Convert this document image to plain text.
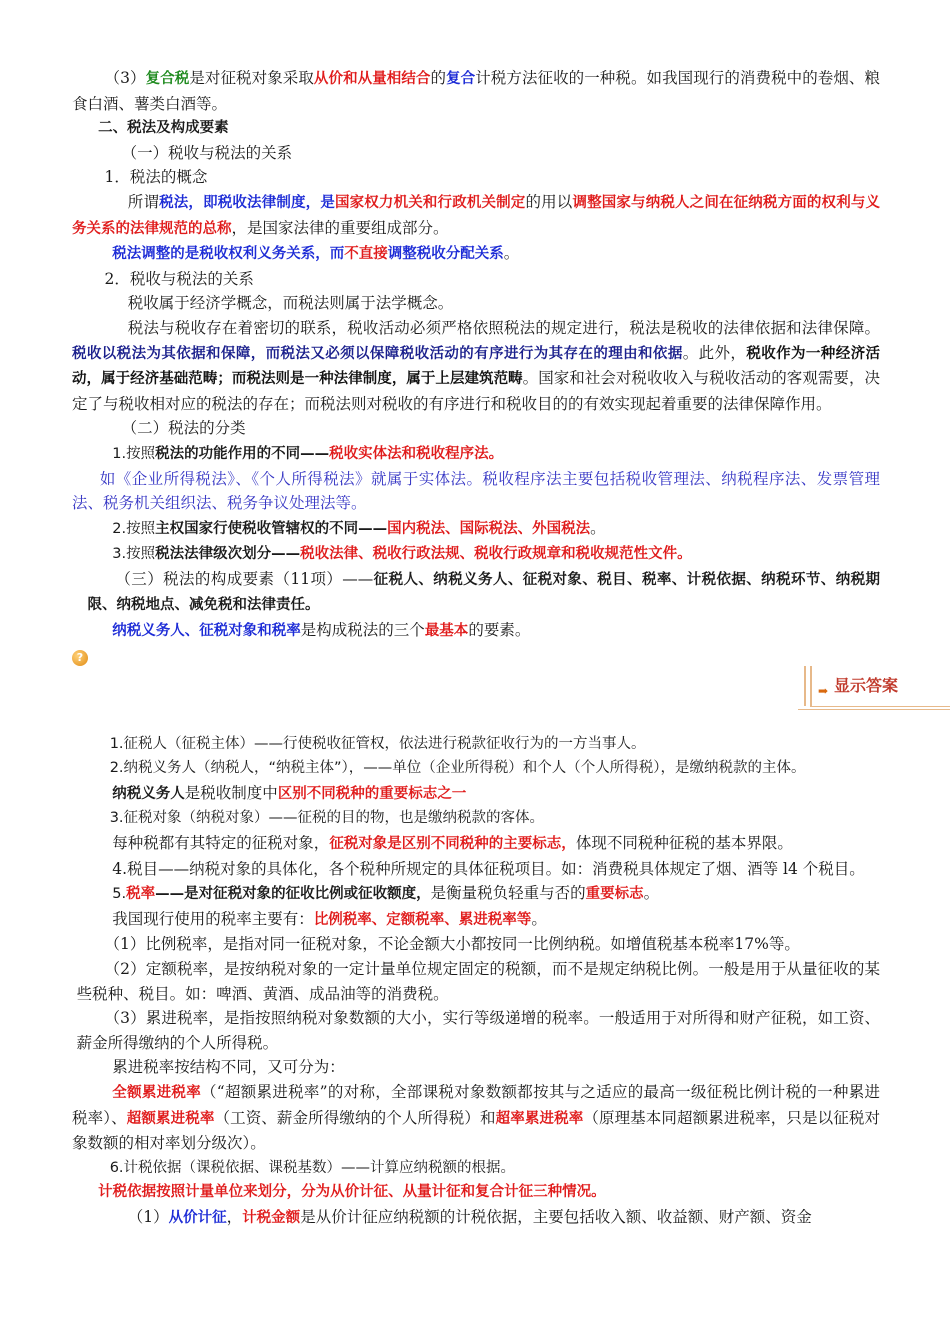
（3）复合税是对征税对象采取从价和从量相结合的复合计税方法征收的一种税。如我国现行的消费税中的卷烟、粮食白酒、薯类白酒等。

二、税法及构成要素

（一）税收与税法的关系

1．税法的概念

所谓税法，即税收法律制度，是国家权力机关和行政机关制定的用以调整国家与纳税人之间在征纳税方面的权利与义务关系的法律规范的总称，是国家法律的重要组成部分。

税法调整的是税收权利义务关系，而不直接调整税收分配关系。

2．税收与税法的关系

税收属于经济学概念，而税法则属于法学概念。

税法与税收存在着密切的联系，税收活动必须严格依照税法的规定进行，税法是税收的法律依据和法律保障。税收以税法为其依据和保障，而税法又必须以保障税收活动的有序进行为其存在的理由和依据。此外，税收作为一种经济活动，属于经济基础范畴；而税法则是一种法律制度，属于上层建筑范畴。国家和社会对税收收入与税收活动的客观需要，决定了与税收相对应的税法的存在；而税法则对税收的有序进行和税收目的的有效实现起着重要的法律保障作用。

（二）税法的分类

1.按照税法的功能作用的不同——税收实体法和税收程序法。

如《企业所得税法》、《个人所得税法》就属于实体法。税收程序法主要包括税收管理法、纳税程序法、发票管理法、税务机关组织法、税务争议处理法等。

2.按照主权国家行使税收管辖权的不同——国内税法、国际税法、外国税法。

3.按照税法法律级次划分——税收法律、税收行政法规、税收行政规章和税收规范性文件。

（三）税法的构成要素（11项）——征税人、纳税义务人、征税对象、税目、税率、计税依据、纳税环节、纳税期限、纳税地点、减免税和法律责任。

纳税义务人、征税对象和税率是构成税法的三个最基本的要素。

?
➡ 显示答案

1.征税人（征税主体）——行使税收征管权，依法进行税款征收行为的一方当事人。

2.纳税义务人（纳税人，“纳税主体”），——单位（企业所得税）和个人（个人所得税），是缴纳税款的主体。

纳税义务人是税收制度中区别不同税种的重要标志之一

3.征税对象（纳税对象）——征税的目的物，也是缴纳税款的客体。

每种税都有其特定的征税对象，征税对象是区别不同税种的主要标志，体现不同税种征税的基本界限。

4.税目——纳税对象的具体化，各个税种所规定的具体征税项目。如：消费税具体规定了烟、酒等 l4 个税目。

5.税率——是对征税对象的征收比例或征收额度，是衡量税负轻重与否的重要标志。

我国现行使用的税率主要有：比例税率、定额税率、累进税率等。

（1）比例税率，是指对同一征税对象，不论金额大小都按同一比例纳税。如增值税基本税率17%等。

（2）定额税率，是按纳税对象的一定计量单位规定固定的税额，而不是规定纳税比例。一般是用于从量征收的某些税种、税目。如：啤酒、黄酒、成品油等的消费税。

（3）累进税率，是指按照纳税对象数额的大小，实行等级递增的税率。一般适用于对所得和财产征税，如工资、薪金所得缴纳的个人所得税。

累进税率按结构不同，又可分为：

全额累进税率（“超额累进税率”的对称，全部课税对象数额都按其与之适应的最高一级征税比例计税的一种累进税率）、超额累进税率（工资、薪金所得缴纳的个人所得税）和超率累进税率（原理基本同超额累进税率，只是以征税对象数额的相对率划分级次）。

6.计税依据（课税依据、课税基数）——计算应纳税额的根据。

计税依据按照计量单位来划分，分为从价计征、从量计征和复合计征三种情况。

（1）从价计征，计税金额是从价计征应纳税额的计税依据，主要包括收入额、收益额、财产额、资金
